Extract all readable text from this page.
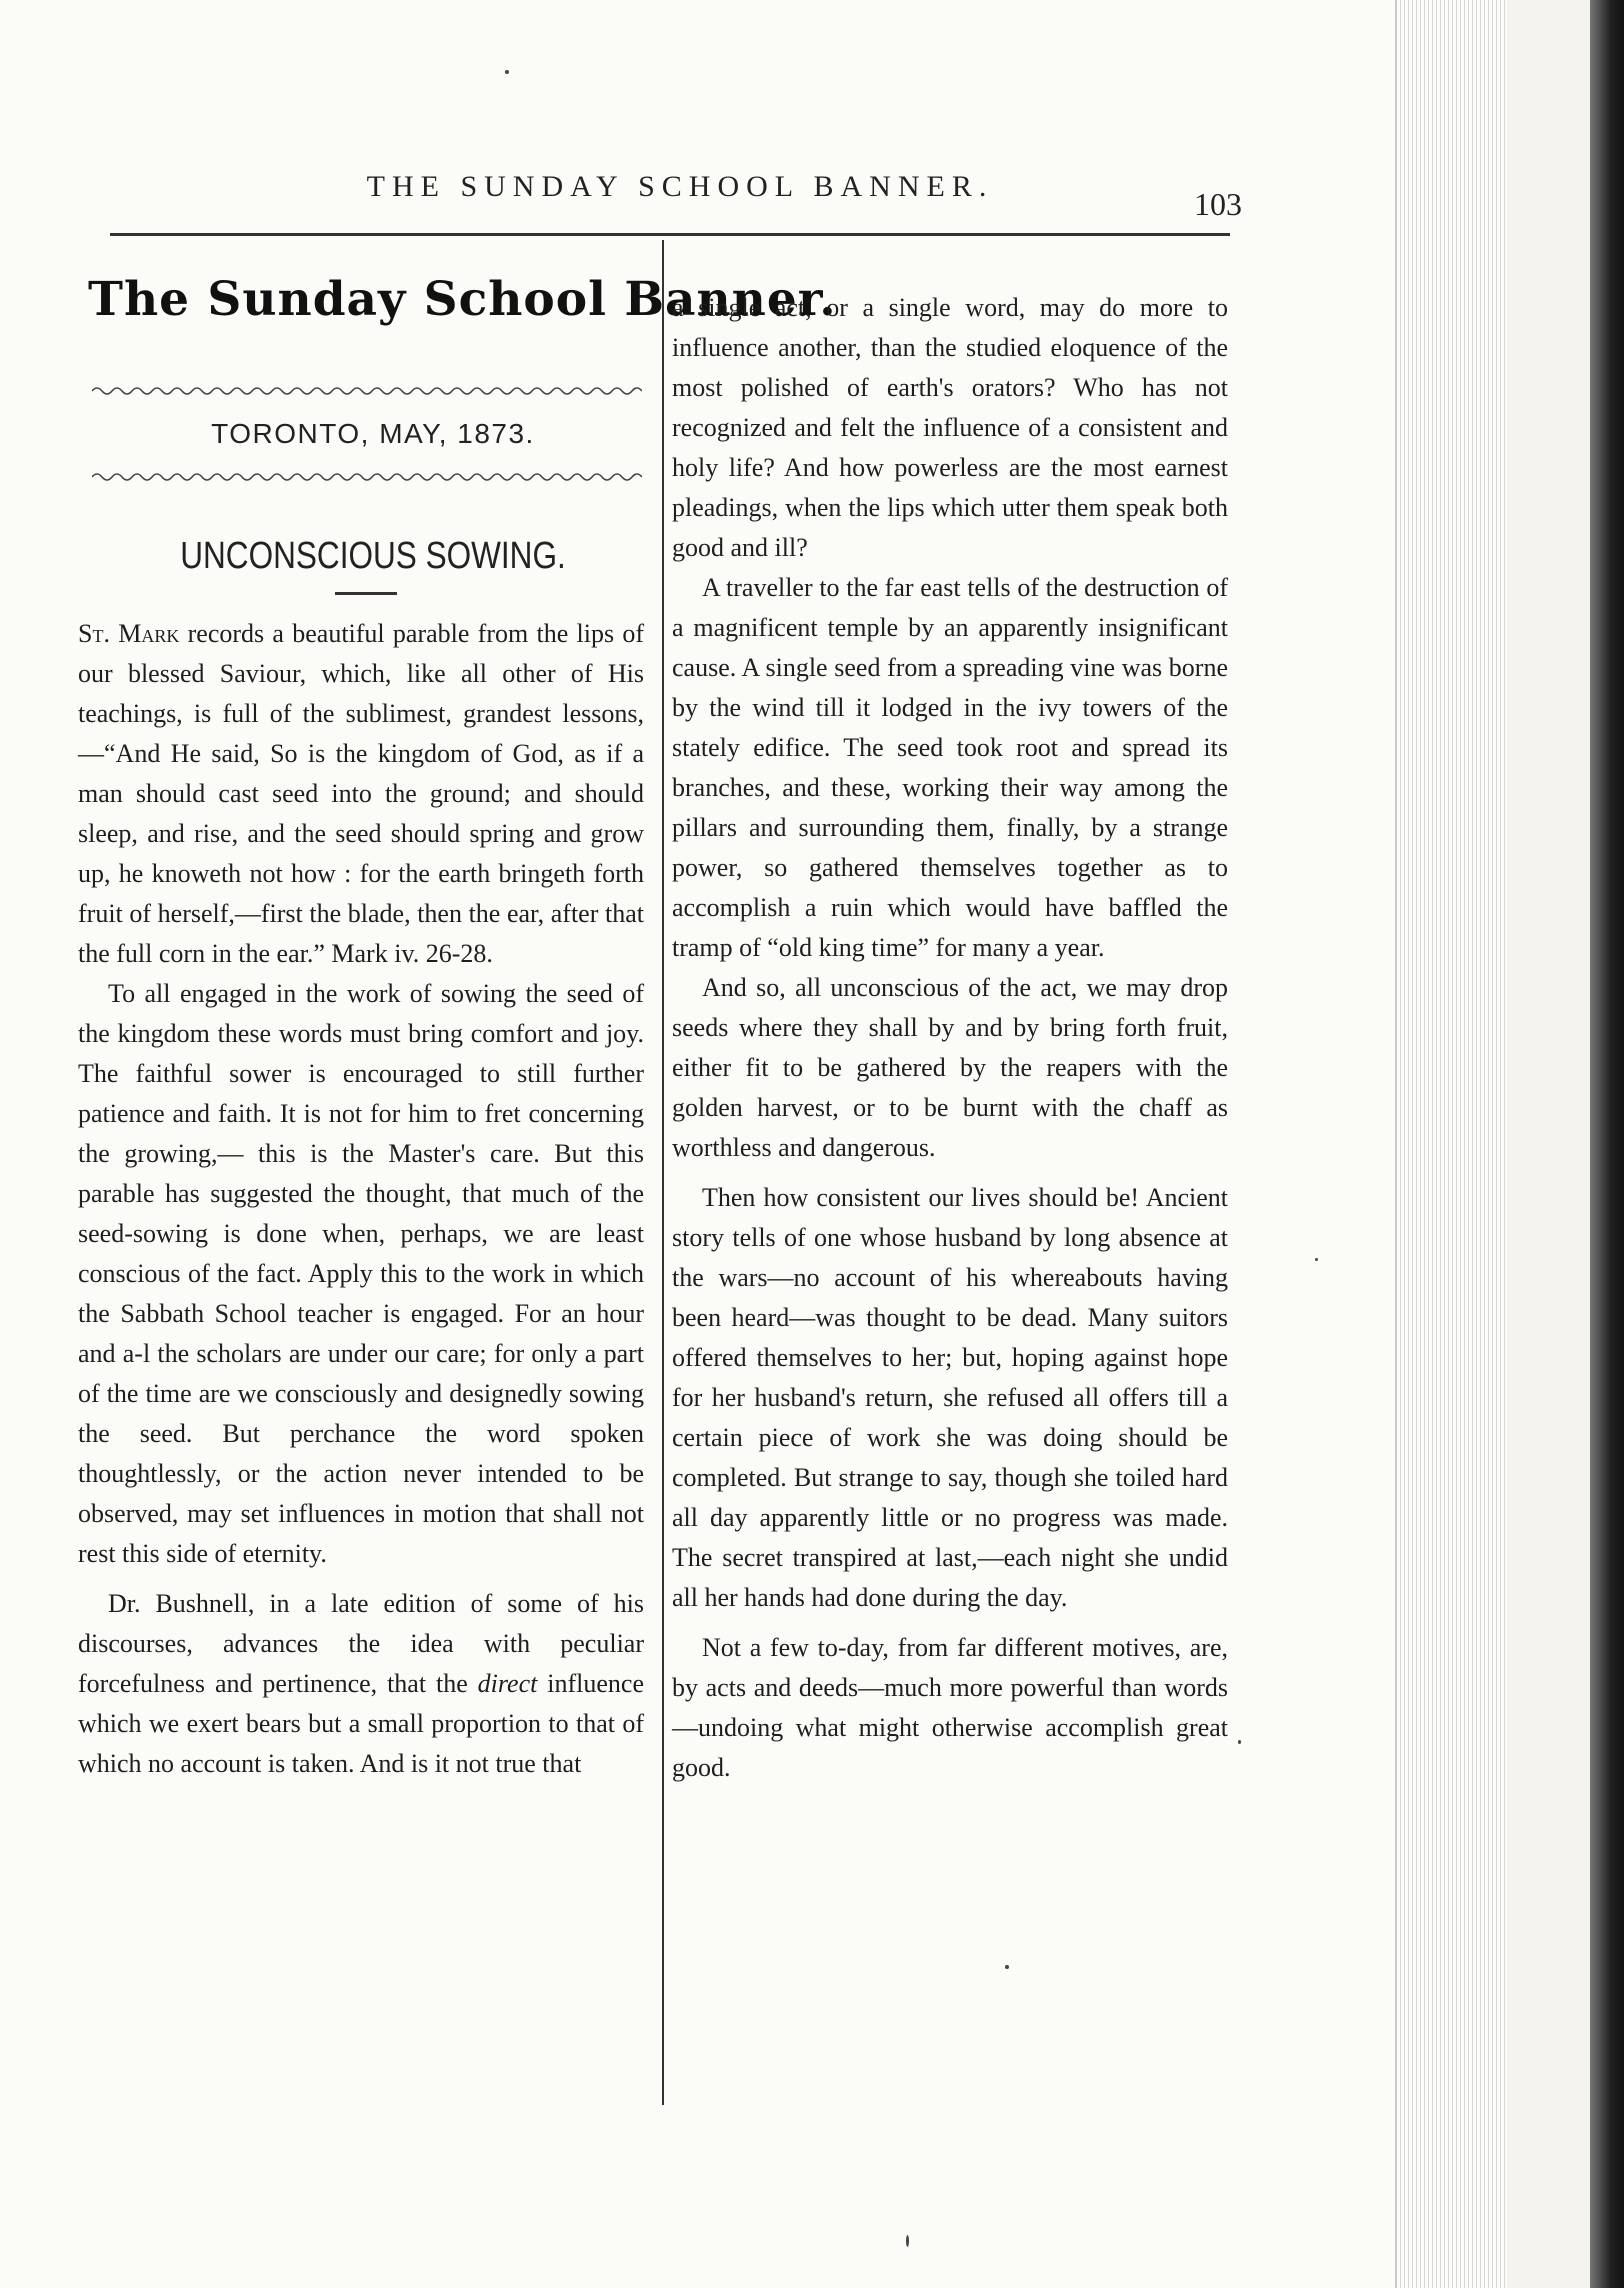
THE SUNDAY SCHOOL BANNER.	103
The Sunday School Banner.
TORONTO, MAY, 1873.
UNCONSCIOUS SOWING.

St. Mark records a beautiful parable from the lips of our blessed Saviour, which, like all other of His teachings, is full of the sublimest, grandest lessons,—“And He said, So is the kingdom of God, as if a man should cast seed into the ground; and should sleep, and rise, and the seed should spring and grow up, he knoweth not how : for the earth bringeth forth fruit of herself,—first the blade, then the ear, after that the full corn in the ear.” Mark iv. 26-28.

To all engaged in the work of sowing the seed of the kingdom these words must bring comfort and joy. The faithful sower is encouraged to still further patience and faith. It is not for him to fret concerning the growing,— this is the Master's care. But this parable has suggested the thought, that much of the seed-sowing is done when, perhaps, we are least conscious of the fact. Apply this to the work in which the Sabbath School teacher is engaged. For an hour and a-l the scholars are under our care; for only a part of the time are we consciously and designedly sowing the seed. But perchance the word spoken thoughtlessly, or the action never intended to be observed, may set influences in motion that shall not rest this side of eternity.

Dr. Bushnell, in a late edition of some of his discourses, advances the idea with peculiar forcefulness and pertinence, that the direct influence which we exert bears but a small proportion to that of which no account is taken. And is it not true that

a single act, or a single word, may do more to influence another, than the studied eloquence of the most polished of earth's orators? Who has not recognized and felt the influence of a consistent and holy life? And how powerless are the most earnest pleadings, when the lips which utter them speak both good and ill?

A traveller to the far east tells of the destruction of a magnificent temple by an apparently insignificant cause. A single seed from a spreading vine was borne by the wind till it lodged in the ivy towers of the stately edifice. The seed took root and spread its branches, and these, working their way among the pillars and surrounding them, finally, by a strange power, so gathered themselves together as to accomplish a ruin which would have baffled the tramp of “old king time” for many a year.

And so, all unconscious of the act, we may drop seeds where they shall by and by bring forth fruit, either fit to be gathered by the reapers with the golden harvest, or to be burnt with the chaff as worthless and dangerous.

Then how consistent our lives should be! Ancient story tells of one whose husband by long absence at the wars—no account of his whereabouts having been heard—was thought to be dead. Many suitors offered themselves to her; but, hoping against hope for her husband's return, she refused all offers till a certain piece of work she was doing should be completed. But strange to say, though she toiled hard all day apparently little or no progress was made. The secret transpired at last,—each night she undid all her hands had done during the day.

Not a few to-day, from far different motives, are, by acts and deeds—much more powerful than words—undoing what might otherwise accomplish great good.
